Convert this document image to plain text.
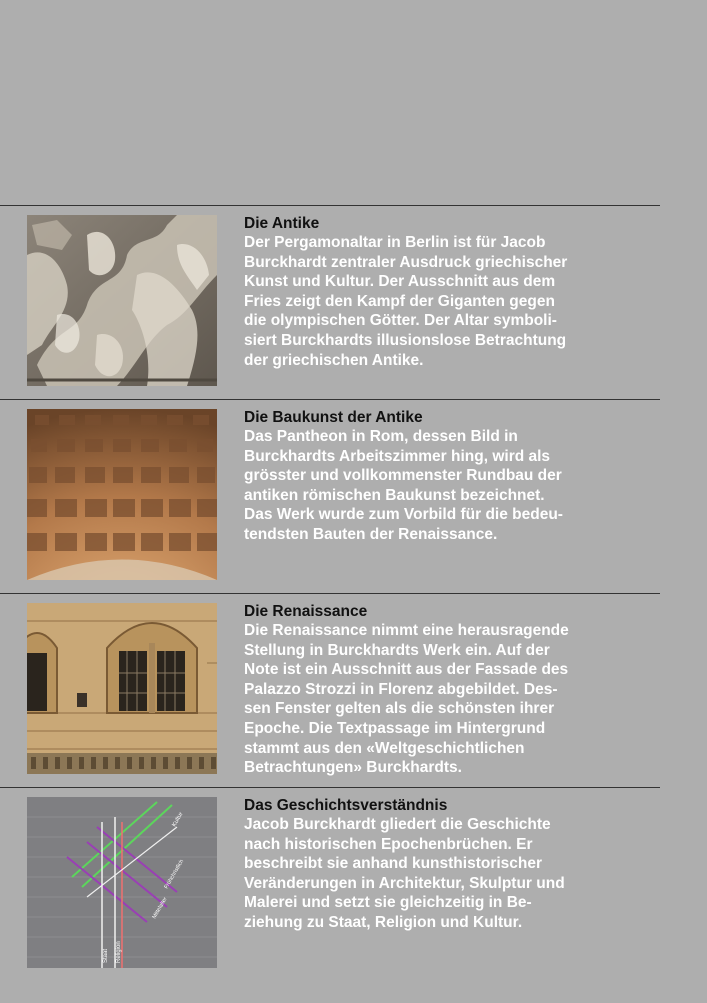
Die Antike
Der Pergamonaltar in Berlin ist für Jacob
Burckhardt zentraler Ausdruck griechischer
Kunst und Kultur. Der Ausschnitt aus dem
Fries zeigt den Kampf der Giganten gegen
die olympischen Götter. Der Altar symboli-
siert Burckhardts illusionslose Betrachtung
der griechischen Antike.
Die Baukunst der Antike
Das Pantheon in Rom, dessen Bild in
Burckhardts Arbeitszimmer hing, wird als
grösster und vollkommenster Rundbau der
antiken römischen Baukunst bezeichnet.
Das Werk wurde zum Vorbild für die bedeu-
tendsten Bauten der Renaissance.
Die Renaissance
Die Renaissance nimmt eine herausragende
Stellung in Burckhardts Werk ein. Auf der
Note ist ein Ausschnitt aus der Fassade des
Palazzo Strozzi in Florenz abgebildet. Des-
sen Fenster gelten als die schönsten ihrer
Epoche. Die Textpassage im Hintergrund
stammt aus den «Weltgeschichtlichen
Betrachtungen» Burckhardts.
Kultur
Staat Religion
Frühchristlich
Mittelalter
Das Geschichtsverständnis
Jacob Burckhardt gliedert die Geschichte
nach historischen Epochenbrüchen. Er
beschreibt sie anhand kunsthistorischer
Veränderungen in Architektur, Skulptur und
Malerei und setzt sie gleichzeitig in Be-
ziehung zu Staat, Religion und Kultur.
